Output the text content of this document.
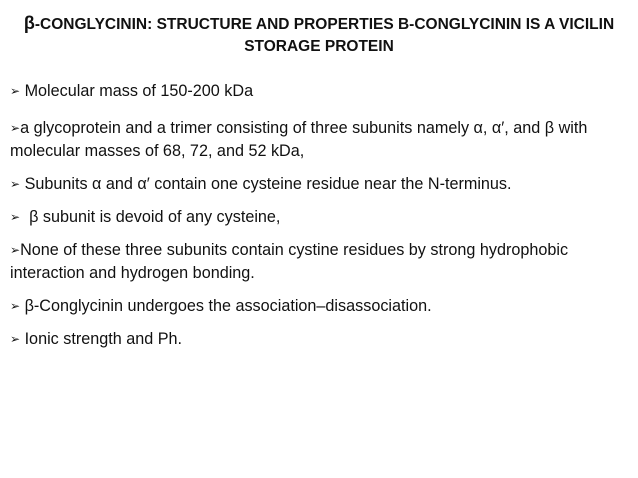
β-CONGLYCININ: STRUCTURE AND PROPERTIES B-CONGLYCININ IS A VICILIN STORAGE PROTEIN
➢ Molecular mass of 150-200 kDa
➢a glycoprotein and a trimer consisting of three subunits namely α, α′, and β with molecular masses of 68, 72, and 52 kDa,
➢ Subunits α and α′ contain one cysteine residue near the N-terminus.
➢ β subunit is devoid of any cysteine,
➢None of these three subunits contain cystine residues by strong hydrophobic interaction and hydrogen bonding.
➢ β-Conglycinin undergoes the association–disassociation.
➢ Ionic strength and Ph.
